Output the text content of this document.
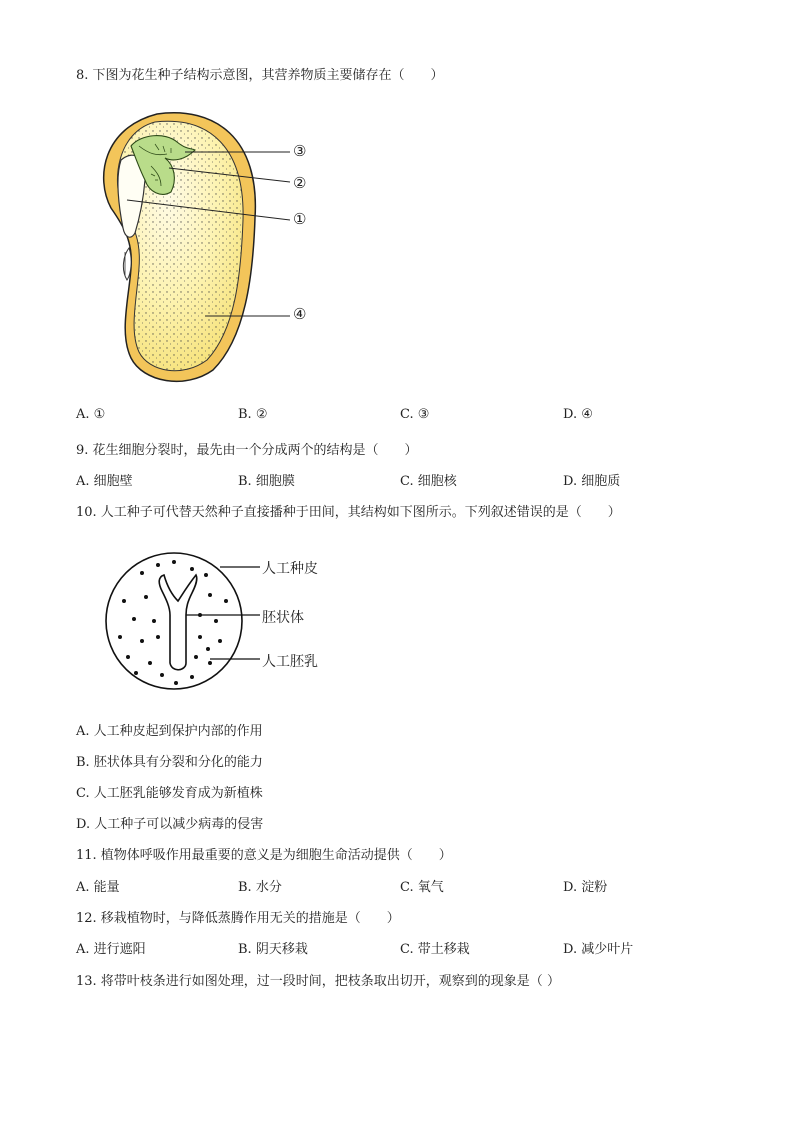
8. 下图为花生种子结构示意图，其营养物质主要储存在（　　）
③
②
①
④
A. ①	B. ②	C. ③	D. ④
9. 花生细胞分裂时，最先由一个分成两个的结构是（　　）
A. 细胞壁	B. 细胞膜	C. 细胞核	D. 细胞质
10. 人工种子可代替天然种子直接播种于田间，其结构如下图所示。下列叙述错误的是（　　）
人工种皮
胚状体
人工胚乳
A. 人工种皮起到保护内部的作用
B. 胚状体具有分裂和分化的能力
C. 人工胚乳能够发育成为新植株
D. 人工种子可以减少病毒的侵害
11. 植物体呼吸作用最重要的意义是为细胞生命活动提供（　　）
A. 能量	B. 水分	C. 氧气	D. 淀粉
12. 移栽植物时，与降低蒸腾作用无关的措施是（　　）
A. 进行遮阳	B. 阴天移栽	C. 带土移栽	D. 减少叶片
13. 将带叶枝条进行如图处理，过一段时间，把枝条取出切开，观察到的现象是（ ）
